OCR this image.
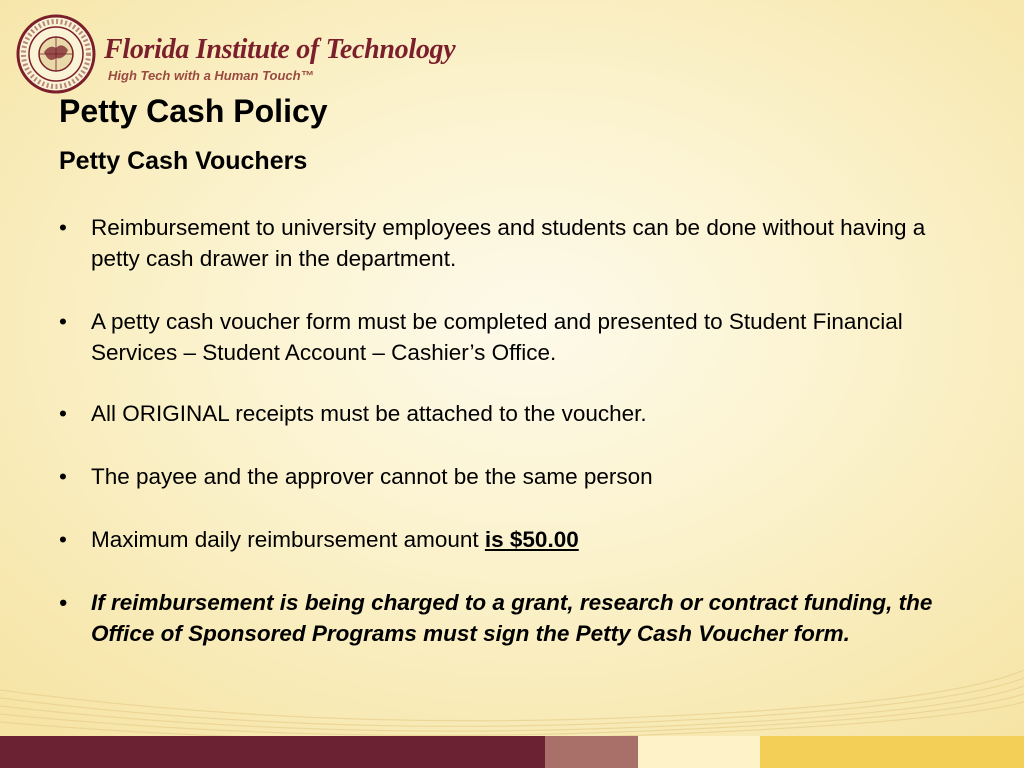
Florida Institute of Technology
High Tech with a Human Touch™
Petty Cash Policy
Petty Cash Vouchers
• Reimbursement to university employees and students can be done without having a petty cash drawer in the department.
• A petty cash voucher form must be completed and presented to Student Financial Services – Student Account – Cashier’s Office.
• All ORIGINAL receipts must be attached to the voucher.
• The payee and the approver cannot be the same person
• Maximum daily reimbursement amount is $50.00
• If reimbursement is being charged to a grant, research or contract funding, the Office of Sponsored Programs must sign the Petty Cash Voucher form.
